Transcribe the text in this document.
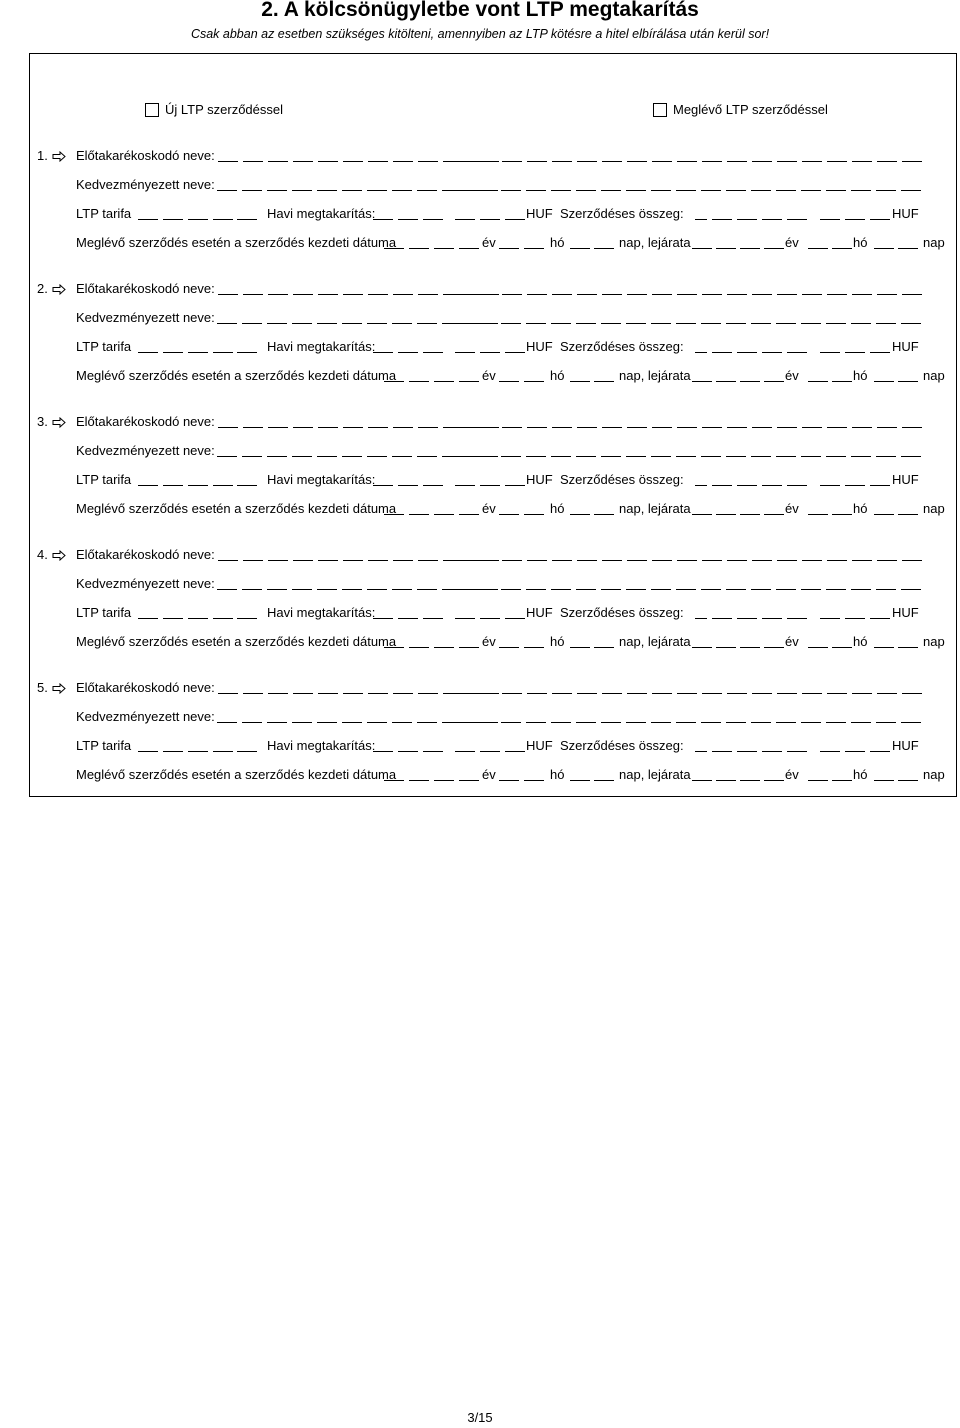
2. A kölcsönügyletbe vont LTP megtakarítás
Csak abban az esetben szükséges kitölteni, amennyiben az LTP kötésre a hitel elbírálása után kerül sor!
Új LTP szerződéssel	Meglévő LTP szerződéssel
1.	Előtakarékoskodó neve:
Kedvezményezett neve:
LTP tarifa	Havi megtakarítás:	HUF Szerződéses összeg:	HUF
Meglévő szerződés esetén a szerződés kezdeti dátuma	év	hó	nap, lejárata	év	hó	nap
2.	Előtakarékoskodó neve:
Kedvezményezett neve:
LTP tarifa	Havi megtakarítás:	HUF Szerződéses összeg:	HUF
Meglévő szerződés esetén a szerződés kezdeti dátuma	év	hó	nap, lejárata	év	hó	nap
3.	Előtakarékoskodó neve:
Kedvezményezett neve:
LTP tarifa	Havi megtakarítás:	HUF Szerződéses összeg:	HUF
Meglévő szerződés esetén a szerződés kezdeti dátuma	év	hó	nap, lejárata	év	hó	nap
4.	Előtakarékoskodó neve:
Kedvezményezett neve:
LTP tarifa	Havi megtakarítás:	HUF Szerződéses összeg:	HUF
Meglévő szerződés esetén a szerződés kezdeti dátuma	év	hó	nap, lejárata	év	hó	nap
5.	Előtakarékoskodó neve:
Kedvezményezett neve:
LTP tarifa	Havi megtakarítás:	HUF Szerződéses összeg:	HUF
Meglévő szerződés esetén a szerződés kezdeti dátuma	év	hó	nap, lejárata	év	hó	nap
3/15
